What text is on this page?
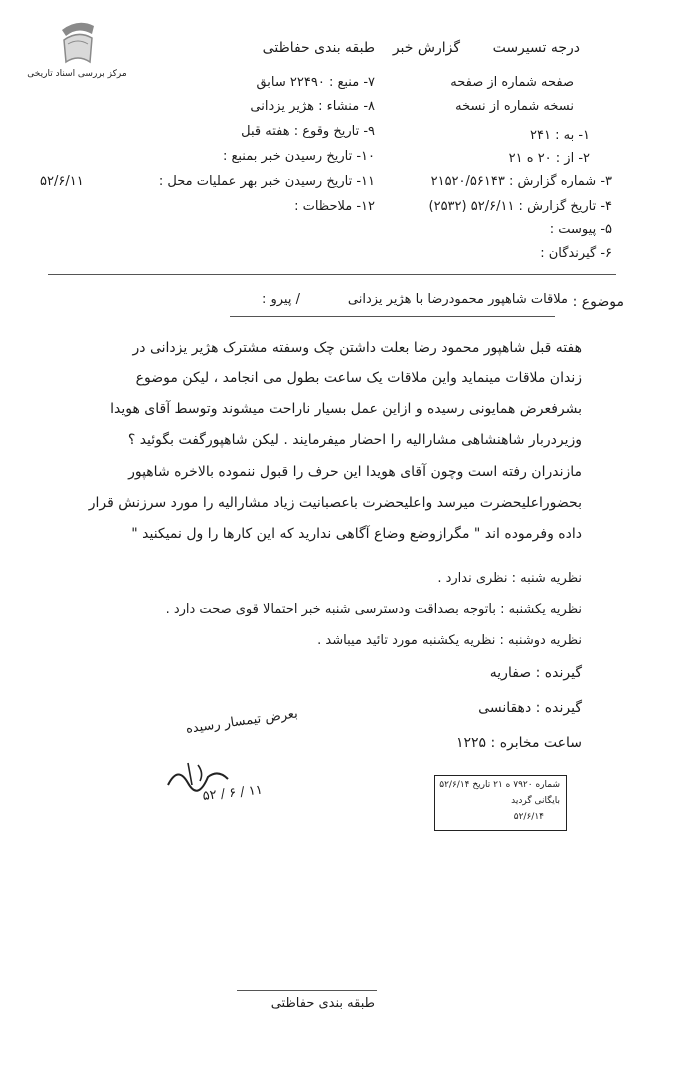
مرکز بررسی اسناد تاریخی
درجه تسیرست
گزارش خبر
طبقه بندی حفاظتی
صفحه شماره از صفحه
نسخه شماره از نسخه
۱- به : ۲۴۱
۲- از : ۲۰ ه ۲۱
۳- شماره گزارش : ۲۱۵۲۰/۵۶۱۴۳
۴- تاریخ گزارش : ۵۲/۶/۱۱ (۲۵۳۲)
۵- پیوست :
۶- گیرندگان :
۷- منبع : ۲۲۴۹۰ سابق
۸- منشاء : هژیر یزدانی
۹- تاریخ وقوع : هفته قبل
۱۰- تاریخ رسیدن خبر بمنبع :
۱۱- تاریخ رسیدن خبر بهر عملیات محل :
۵۲/۶/۱۱
۱۲- ملاحظات :
موضوع :
ملاقات شاهپور محمودرضا با هژیر یزدانی
/ پیرو :
هفته قبل شاهپور محمود رضا بعلت داشتن چک وسفته مشترک هژیر یزدانی در
زندان ملاقات مینماید واین ملاقات یک ساعت بطول می انجامد ، لیکن موضوع
بشرفعرض همایونی رسیده و ازاین عمل بسیار ناراحت میشوند وتوسط آقای هویدا
وزیردربار شاهنشاهی مشارالیه را احضار میفرمایند . لیکن شاهپورگفت بگوئید ؟
مازندران رفته است وچون آقای هویدا این حرف را قبول ننموده بالاخره شاهپور
بحضوراعلیحضرت میرسد واعلیحضرت باعصبانیت زیاد مشارالیه را مورد سرزنش قرار
داده وفرموده اند " مگرازوضع وضاع آگاهی ندارید که این کارها را ول نمیکنید "
نظریه شنبه : نظری ندارد .
نظریه یکشنبه : باتوجه بصداقت ودسترسی شنبه خبر احتمالا قوی صحت دارد .
نظریه دوشنبه : نظریه یکشنبه مورد تائید میباشد .
گیرنده : صفاریه
گیرنده : دهقانسی
ساعت مخابره : ۱۲۲۵
بعرض تیمسار رسیده
۱۱ / ۶ / ۵۲	شماره ۷۹۲۰ ه ۲۱ تاریخ ۵۲/۶/۱۴
بایگانی گردید
۵۲/۶/۱۴
طبقه بندی حفاظتی
